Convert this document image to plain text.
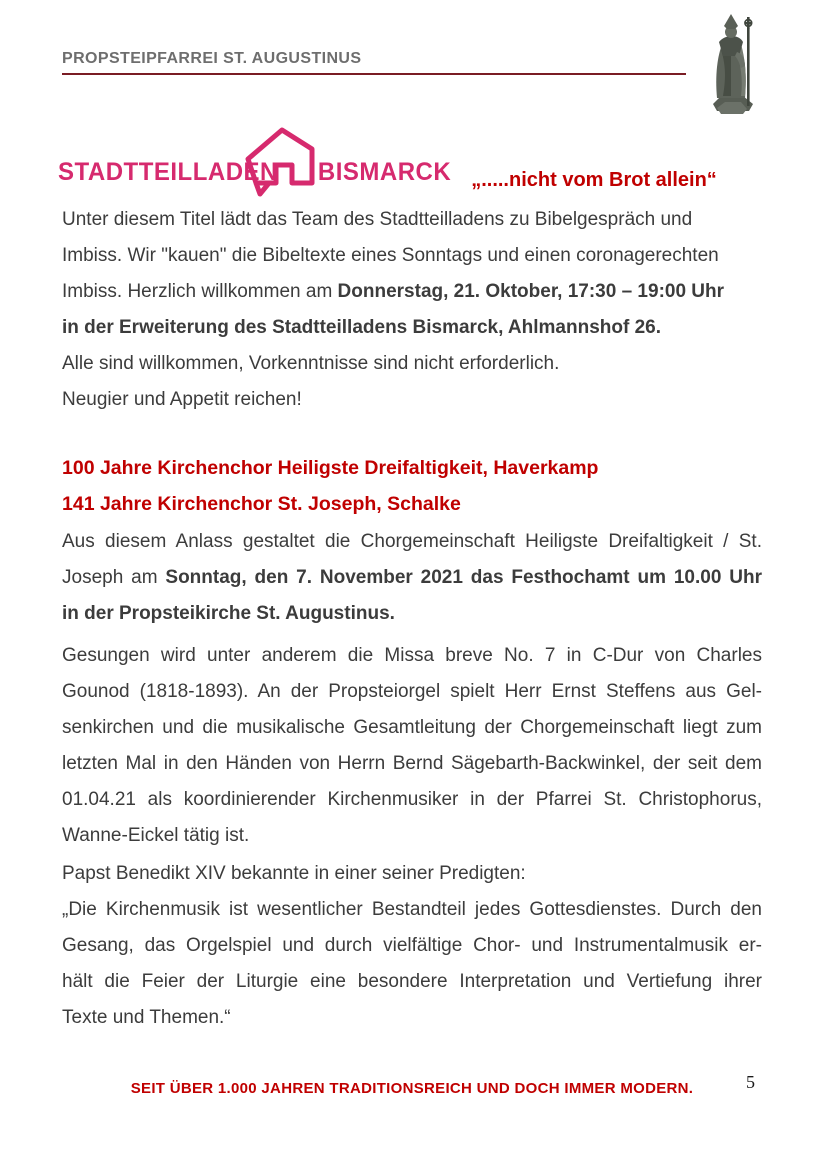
PROPSTEIPFARREI ST. AUGUSTINUS
STADTTEILLADEN BISMARCK „.....nicht vom Brot allein“
Unter diesem Titel lädt das Team des Stadtteilladens zu Bibelgespräch und
Imbiss. Wir "kauen" die Bibeltexte eines Sonntags und einen coronagerechten
Imbiss. Herzlich willkommen am Donnerstag, 21. Oktober, 17:30 – 19:00 Uhr
in der Erweiterung des Stadtteilladens Bismarck, Ahlmannshof 26.
Alle sind willkommen, Vorkenntnisse sind nicht erforderlich.
Neugier und Appetit reichen!
100 Jahre Kirchenchor Heiligste Dreifaltigkeit, Haverkamp
141 Jahre Kirchenchor St. Joseph, Schalke
Aus diesem Anlass gestaltet die Chorgemeinschaft Heiligste Dreifaltigkeit / St.
Joseph am Sonntag, den 7. November 2021 das Festhochamt um 10.00 Uhr
in der Propsteikirche St. Augustinus.
Gesungen wird unter anderem die Missa breve No. 7 in C-Dur von Charles
Gounod (1818-1893). An der Propsteiorgel spielt Herr Ernst Steffens aus Gel-
senkirchen und die musikalische Gesamtleitung der Chorgemeinschaft liegt zum
letzten Mal in den Händen von Herrn Bernd Sägebarth-Backwinkel, der seit dem
01.04.21 als koordinierender Kirchenmusiker in der Pfarrei St. Christophorus,
Wanne-Eickel tätig ist.
Papst Benedikt XIV bekannte in einer seiner Predigten:
„Die Kirchenmusik ist wesentlicher Bestandteil jedes Gottesdienstes. Durch den
Gesang, das Orgelspiel und durch vielfältige Chor- und Instrumentalmusik er-
hält die Feier der Liturgie eine besondere Interpretation und Vertiefung ihrer
Texte und Themen.“
SEIT ÜBER 1.000 JAHREN TRADITIONSREICH UND DOCH IMMER MODERN.	5
